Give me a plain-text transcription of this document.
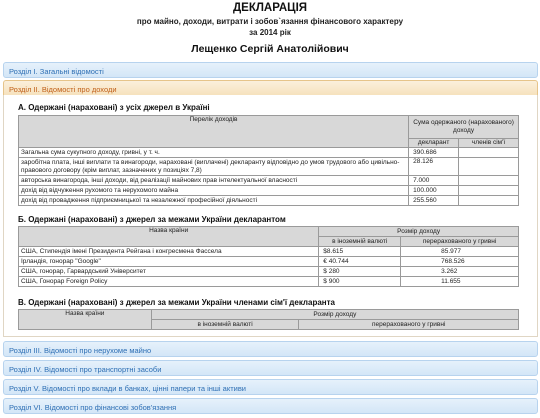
ДЕКЛАРАЦІЯ
про майно, доходи, витрати і зобов`язання фінансового характеру
за 2014 рік
Лещенко Сергій Анатолійович
Розділ I. Загальні відомості
Розділ II. Відомості про доходи
А. Одержані (нараховані) з усіх джерел в Україні
Перелік доходів	Сума одержаного (нарахованого) доходу	
	декларант	членів сім'ї
Загальна сума сукупного доходу, гривні, у т. ч.	390.686	
заробітна плата, інші виплати та винагороди, нараховані (виплачені) декларанту відповідно до умов трудового або цивільно-правового договору (крім виплат, зазначених у позиціях 7,8)	28.126	
авторська винагорода, інші доходи, від реалізації майнових прав інтелектуальної власності	7.000	
дохід від відчуження рухомого та нерухомого майна	100.000	
дохід від провадження підприємницької та незалежної професійної діяльності	255.560	
Б. Одержані (нараховані) з джерел за межами України декларантом
Назва країни	Розмір доходу	
	в іноземній валюті	перерахованого у гривні
США, Стипендія імені Президента Рейгана і конгресмена Фассела	$8.615	85.977
Ірландія, гонорар "Google"	€ 40.744	768.526
США, гонорар, Гарвардський Університет	$ 280	3.262
США, Гонорар Foreign Policy	$ 900	11.655
В. Одержані (нараховані) з джерел за межами України членами сім'ї декларанта
Назва країни	Розмір доходу	
	в іноземній валюті	перерахованого у гривні
Розділ III. Відомості про нерухоме майно
Розділ IV. Відомості про транспортні засоби
Розділ V. Відомості про вклади в банках, цінні папери та інші активи
Розділ VI. Відомості про фінансові зобов'язання
